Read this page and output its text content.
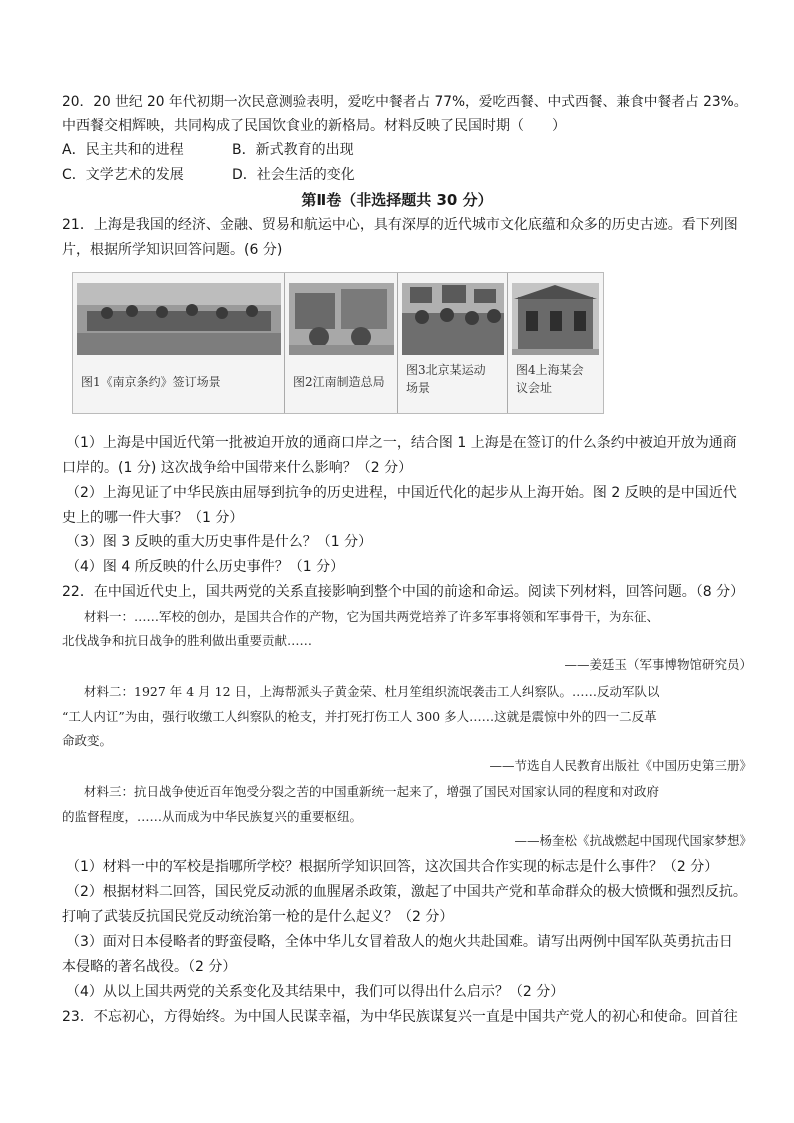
20．20 世纪 20 年代初期一次民意测验表明，爱吃中餐者占 77%，爱吃西餐、中式西餐、兼食中餐者占 23%。
中西餐交相辉映，共同构成了民国饮食业的新格局。材料反映了民国时期（　　）
A．民主共和的进程	B．新式教育的出现
C．文学艺术的发展	D．社会生活的变化
第Ⅱ卷（非选择题共 30 分）
21．上海是我国的经济、金融、贸易和航运中心，具有深厚的近代城市文化底蕴和众多的历史古迹。看下列图
片，根据所学知识回答问题。(6 分)
图1《南京条约》签订场景	图2江南制造总局
图3北京某运动
场景
图4上海某会
议会址
（1）上海是中国近代第一批被迫开放的通商口岸之一，结合图 1 上海是在签订的什么条约中被迫开放为通商
口岸的。(1 分) 这次战争给中国带来什么影响？（2 分）
（2）上海见证了中华民族由屈辱到抗争的历史进程，中国近代化的起步从上海开始。图 2 反映的是中国近代
史上的哪一件大事？（1 分）
（3）图 3 反映的重大历史事件是什么？（1 分）
（4）图 4 所反映的什么历史事件？（1 分）
22．在中国近代史上，国共两党的关系直接影响到整个中国的前途和命运。阅读下列材料，回答问题。（8 分）
材料一：……军校的创办，是国共合作的产物，它为国共两党培养了许多军事将领和军事骨干，为东征、
北伐战争和抗日战争的胜利做出重要贡献……
——姜廷玉（军事博物馆研究员）
材料二：1927 年 4 月 12 日，上海帮派头子黄金荣、杜月笙组织流氓袭击工人纠察队。……反动军队以
“工人内讧”为由，强行收缴工人纠察队的枪支，并打死打伤工人 300 多人……这就是震惊中外的四一二反革
命政变。
——节选自人民教育出版社《中国历史第三册》
材料三：抗日战争使近百年饱受分裂之苦的中国重新统一起来了，增强了国民对国家认同的程度和对政府
的监督程度，……从而成为中华民族复兴的重要枢纽。
——杨奎松《抗战燃起中国现代国家梦想》
（1）材料一中的军校是指哪所学校？根据所学知识回答，这次国共合作实现的标志是什么事件？（2 分）
（2）根据材料二回答，国民党反动派的血腥屠杀政策，激起了中国共产党和革命群众的极大愤慨和强烈反抗。
打响了武装反抗国民党反动统治第一枪的是什么起义？（2 分）
（3）面对日本侵略者的野蛮侵略，全体中华儿女冒着敌人的炮火共赴国难。请写出两例中国军队英勇抗击日
本侵略的著名战役。（2 分）
（4）从以上国共两党的关系变化及其结果中，我们可以得出什么启示？（2 分）
23．不忘初心，方得始终。为中国人民谋幸福，为中华民族谋复兴一直是中国共产党人的初心和使命。回首往
